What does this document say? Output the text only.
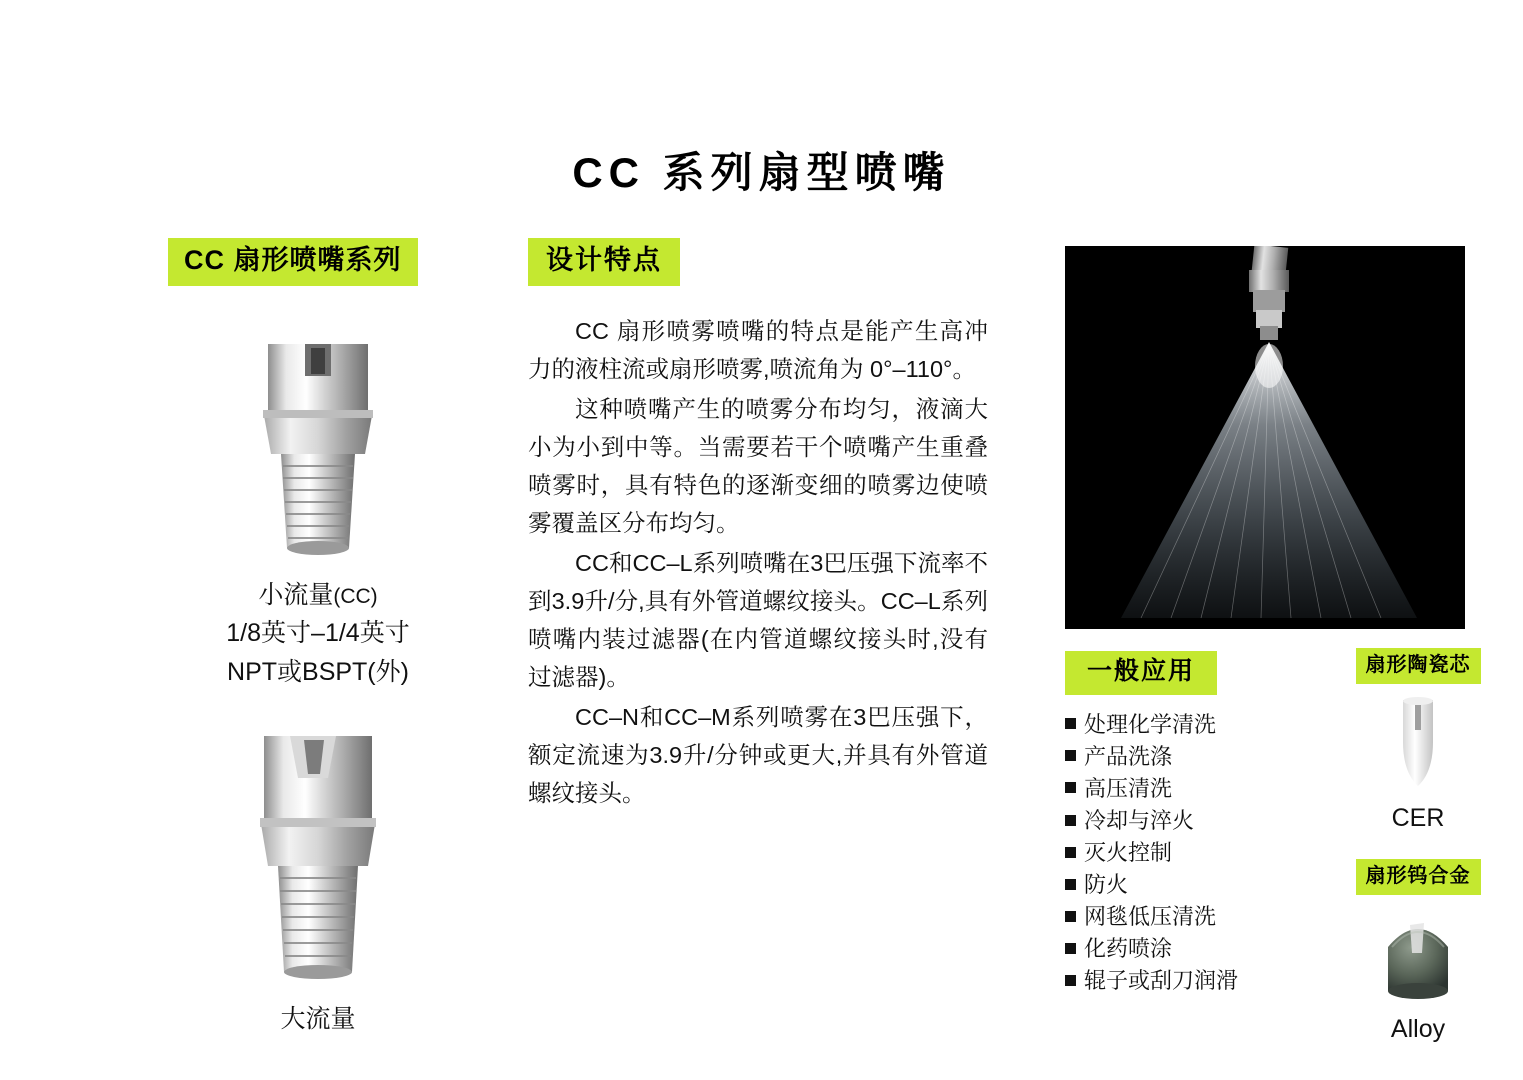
CC 系列扇型喷嘴
CC 扇形喷嘴系列
小流量(CC)
1/8英寸–1/4英寸
NPT或BSPT(外)
大流量
设计特点

CC 扇形喷雾喷嘴的特点是能产生高冲力的液柱流或扇形喷雾,喷流角为 0°–110°。

这种喷嘴产生的喷雾分布均匀，液滴大小为小到中等。当需要若干个喷嘴产生重叠喷雾时，具有特色的逐渐变细的喷雾边使喷雾覆盖区分布均匀。

CC和CC–L系列喷嘴在3巴压强下流率不到3.9升/分,具有外管道螺纹接头。CC–L系列喷嘴内装过滤器(在内管道螺纹接头时,没有过滤器)。

CC–N和CC–M系列喷雾在3巴压强下，额定流速为3.9升/分钟或更大,并具有外管道螺纹接头。

一般应用
处理化学清洗
产品洗涤
高压清洗
冷却与淬火
灭火控制
防火
网毯低压清洗
化药喷涂
辊子或刮刀润滑
扇形陶瓷芯
CER
扇形钨合金
Alloy
